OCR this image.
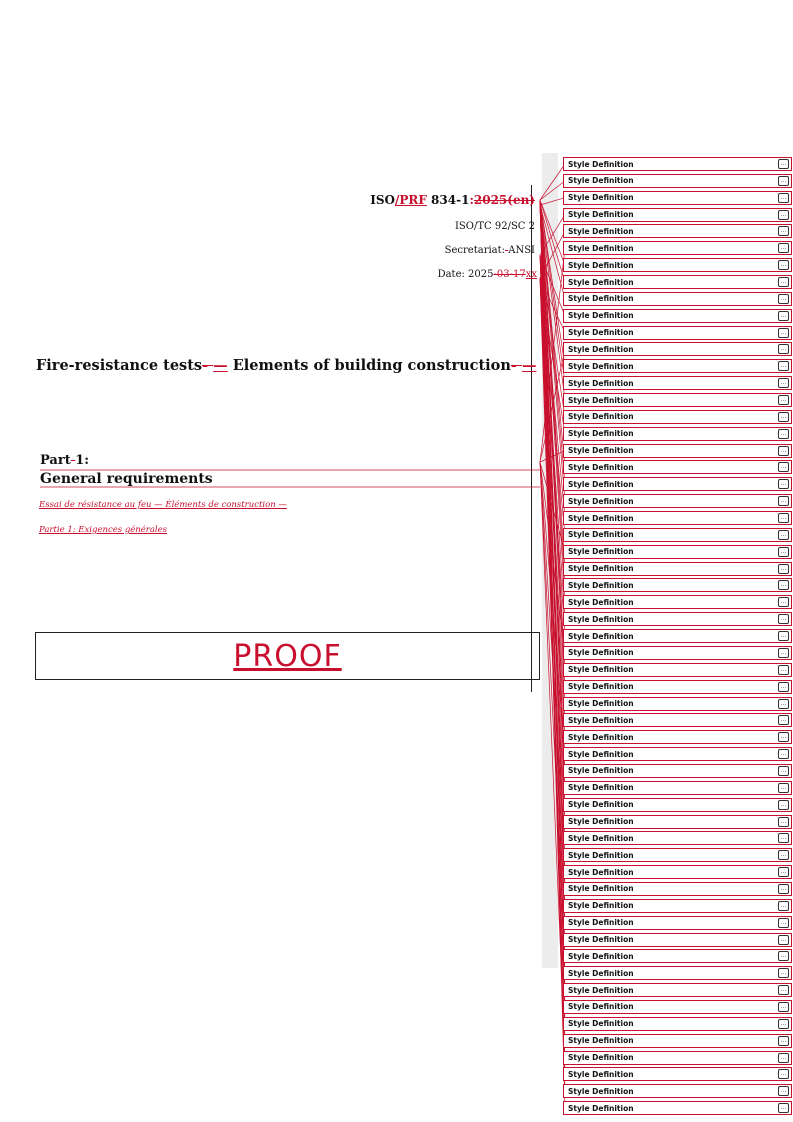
ISO/PRF 834-1:2025(en)
ISO/TC 92/SC 2
Secretariat: ANSI
Date: 2025-03-17xx
Fire-resistance tests- — Elements of building construction- —
Part 1:
General requirements
Essai de résistance au feu — Éléments de construction —
Partie 1: Exigences générales
PROOF
Style Definition	...
Style Definition	...
Style Definition	...
Style Definition	...
Style Definition	...
Style Definition	...
Style Definition	...
Style Definition	...
Style Definition	...
Style Definition	...
Style Definition	...
Style Definition	...
Style Definition	...
Style Definition	...
Style Definition	...
Style Definition	...
Style Definition	...
Style Definition	...
Style Definition	...
Style Definition	...
Style Definition	...
Style Definition	...
Style Definition	...
Style Definition	...
Style Definition	...
Style Definition	...
Style Definition	...
Style Definition	...
Style Definition	...
Style Definition	...
Style Definition	...
Style Definition	...
Style Definition	...
Style Definition	...
Style Definition	...
Style Definition	...
Style Definition	...
Style Definition	...
Style Definition	...
Style Definition	...
Style Definition	...
Style Definition	...
Style Definition	...
Style Definition	...
Style Definition	...
Style Definition	...
Style Definition	...
Style Definition	...
Style Definition	...
Style Definition	...
Style Definition	...
Style Definition	...
Style Definition	...
Style Definition	...
Style Definition	...
Style Definition	...
Style Definition	...
